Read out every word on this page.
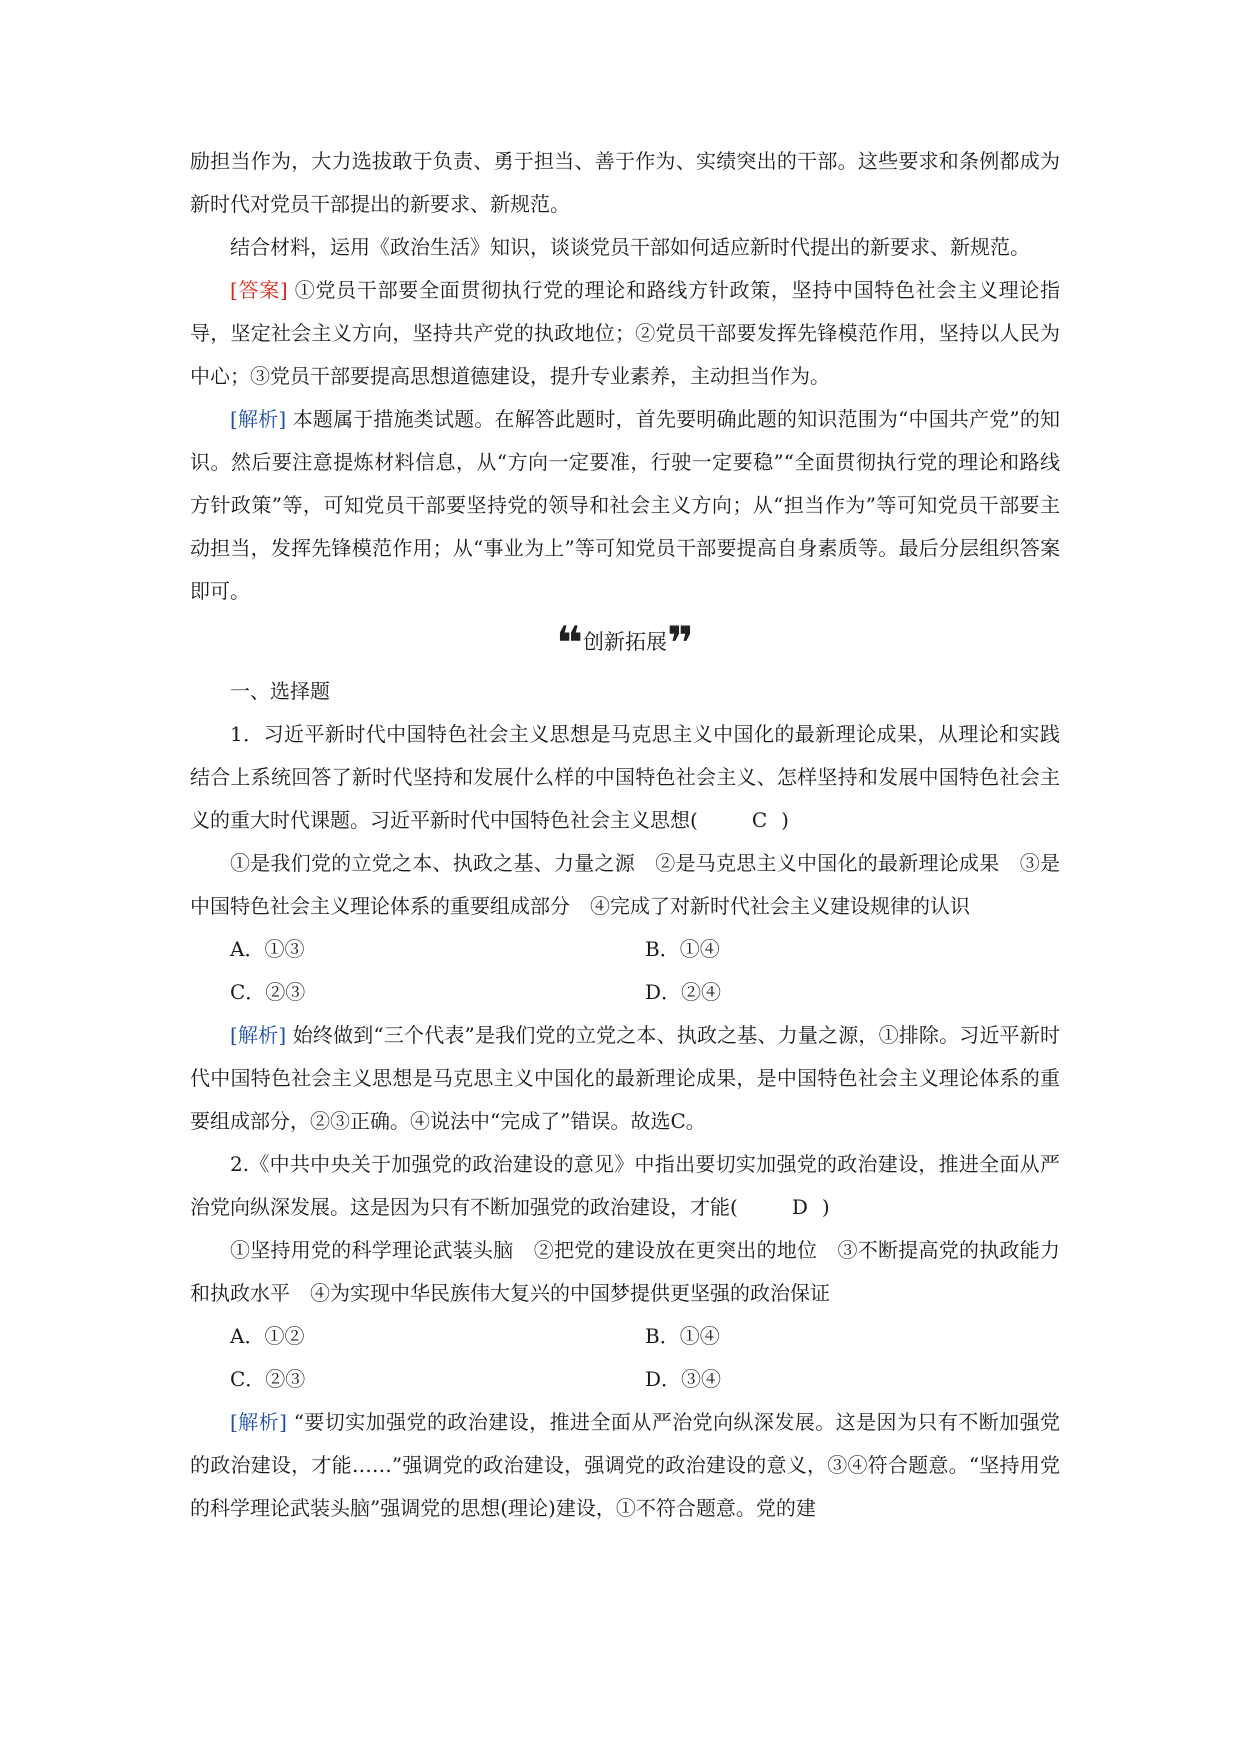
励担当作为，大力选拔敢于负责、勇于担当、善于作为、实绩突出的干部。这些要求和条例都成为新时代对党员干部提出的新要求、新规范。

结合材料，运用《政治生活》知识，谈谈党员干部如何适应新时代提出的新要求、新规范。

[答案] ①党员干部要全面贯彻执行党的理论和路线方针政策，坚持中国特色社会主义理论指导，坚定社会主义方向，坚持共产党的执政地位；②党员干部要发挥先锋模范作用，坚持以人民为中心；③党员干部要提高思想道德建设，提升专业素养，主动担当作为。

[解析] 本题属于措施类试题。在解答此题时，首先要明确此题的知识范围为“中国共产党”的知识。然后要注意提炼材料信息，从“方向一定要准，行驶一定要稳”“全面贯彻执行党的理论和路线方针政策”等，可知党员干部要坚持党的领导和社会主义方向；从“担当作为”等可知党员干部要主动担当，发挥先锋模范作用；从“事业为上”等可知党员干部要提高自身素质等。最后分层组织答案即可。

❝创新拓展❞

一、选择题

1．习近平新时代中国特色社会主义思想是马克思主义中国化的最新理论成果，从理论和实践结合上系统回答了新时代坚持和发展什么样的中国特色社会主义、怎样坚持和发展中国特色社会主义的重大时代课题。习近平新时代中国特色社会主义思想(	C )

①是我们党的立党之本、执政之基、力量之源　②是马克思主义中国化的最新理论成果　③是中国特色社会主义理论体系的重要组成部分　④完成了对新时代社会主义建设规律的认识

A．①③	B．①④
C．②③	D．②④

[解析] 始终做到“三个代表”是我们党的立党之本、执政之基、力量之源，①排除。习近平新时代中国特色社会主义思想是马克思主义中国化的最新理论成果，是中国特色社会主义理论体系的重要组成部分，②③正确。④说法中“完成了”错误。故选C。

2.《中共中央关于加强党的政治建设的意见》中指出要切实加强党的政治建设，推进全面从严治党向纵深发展。这是因为只有不断加强党的政治建设，才能(	D )

①坚持用党的科学理论武装头脑　②把党的建设放在更突出的地位　③不断提高党的执政能力和执政水平　④为实现中华民族伟大复兴的中国梦提供更坚强的政治保证

A．①②	B．①④
C．②③	D．③④

[解析] “要切实加强党的政治建设，推进全面从严治党向纵深发展。这是因为只有不断加强党的政治建设，才能……”强调党的政治建设，强调党的政治建设的意义，③④符合题意。“坚持用党的科学理论武装头脑”强调党的思想(理论)建设，①不符合题意。党的建
